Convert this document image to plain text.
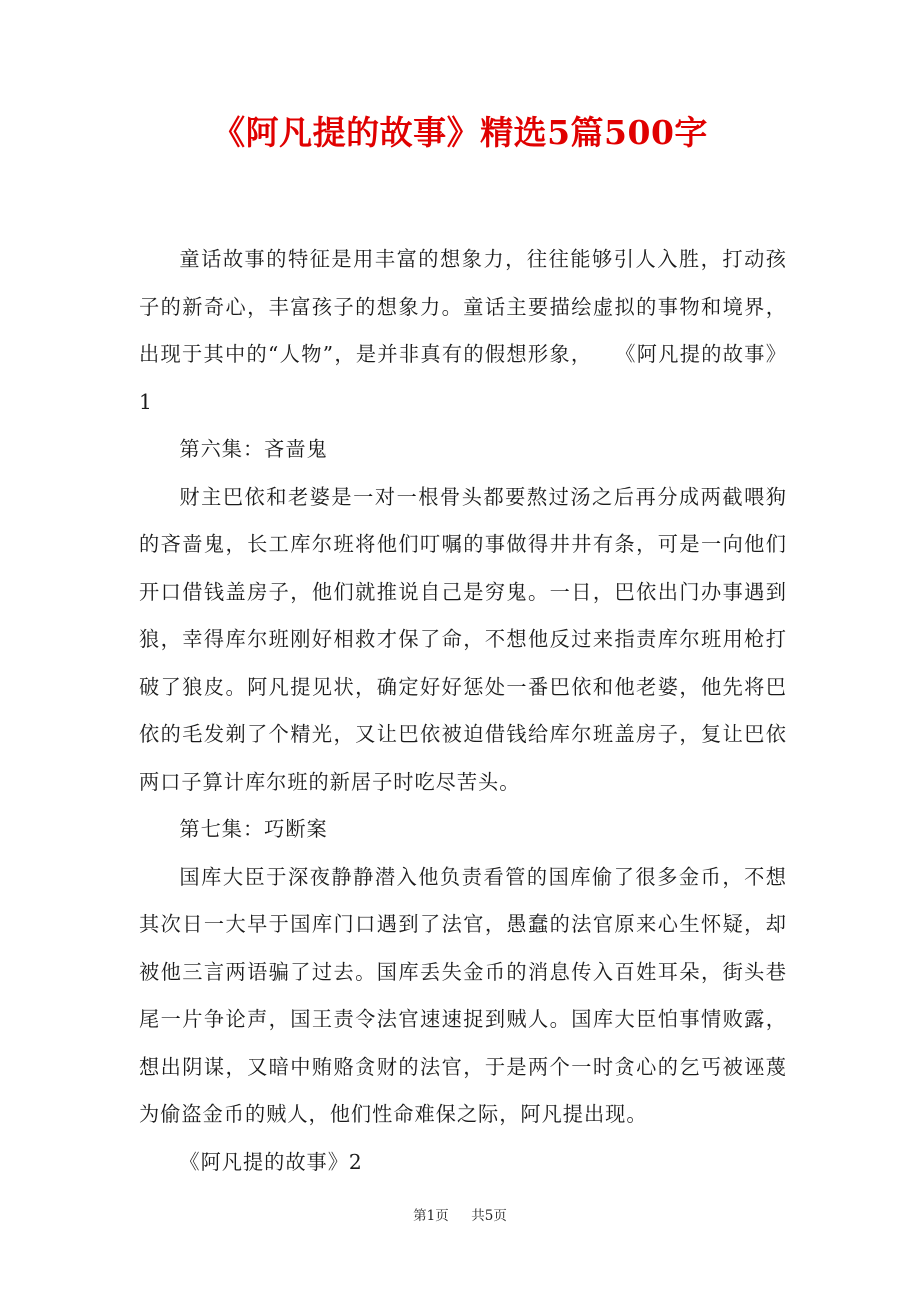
《阿凡提的故事》精选5篇500字

童话故事的特征是用丰富的想象力，往往能够引人入胜，打动孩子的新奇心，丰富孩子的想象力。童话主要描绘虚拟的事物和境界，出现于其中的“人物”，是并非真有的假想形象，　　《阿凡提的故事》1

第六集：吝啬鬼

财主巴依和老婆是一对一根骨头都要熬过汤之后再分成两截喂狗的吝啬鬼，长工库尔班将他们叮嘱的事做得井井有条，可是一向他们开口借钱盖房子，他们就推说自己是穷鬼。一日，巴依出门办事遇到狼，幸得库尔班刚好相救才保了命，不想他反过来指责库尔班用枪打破了狼皮。阿凡提见状，确定好好惩处一番巴依和他老婆，他先将巴依的毛发剃了个精光，又让巴依被迫借钱给库尔班盖房子，复让巴依两口子算计库尔班的新居子时吃尽苦头。

第七集：巧断案

国库大臣于深夜静静潜入他负责看管的国库偷了很多金币，不想其次日一大早于国库门口遇到了法官，愚蠢的法官原来心生怀疑，却被他三言两语骗了过去。国库丢失金币的消息传入百姓耳朵，街头巷尾一片争论声，国王责令法官速速捉到贼人。国库大臣怕事情败露，想出阴谋，又暗中贿赂贪财的法官，于是两个一时贪心的乞丐被诬蔑为偷盗金币的贼人，他们性命难保之际，阿凡提出现。

《阿凡提的故事》2

第1页 共5页
